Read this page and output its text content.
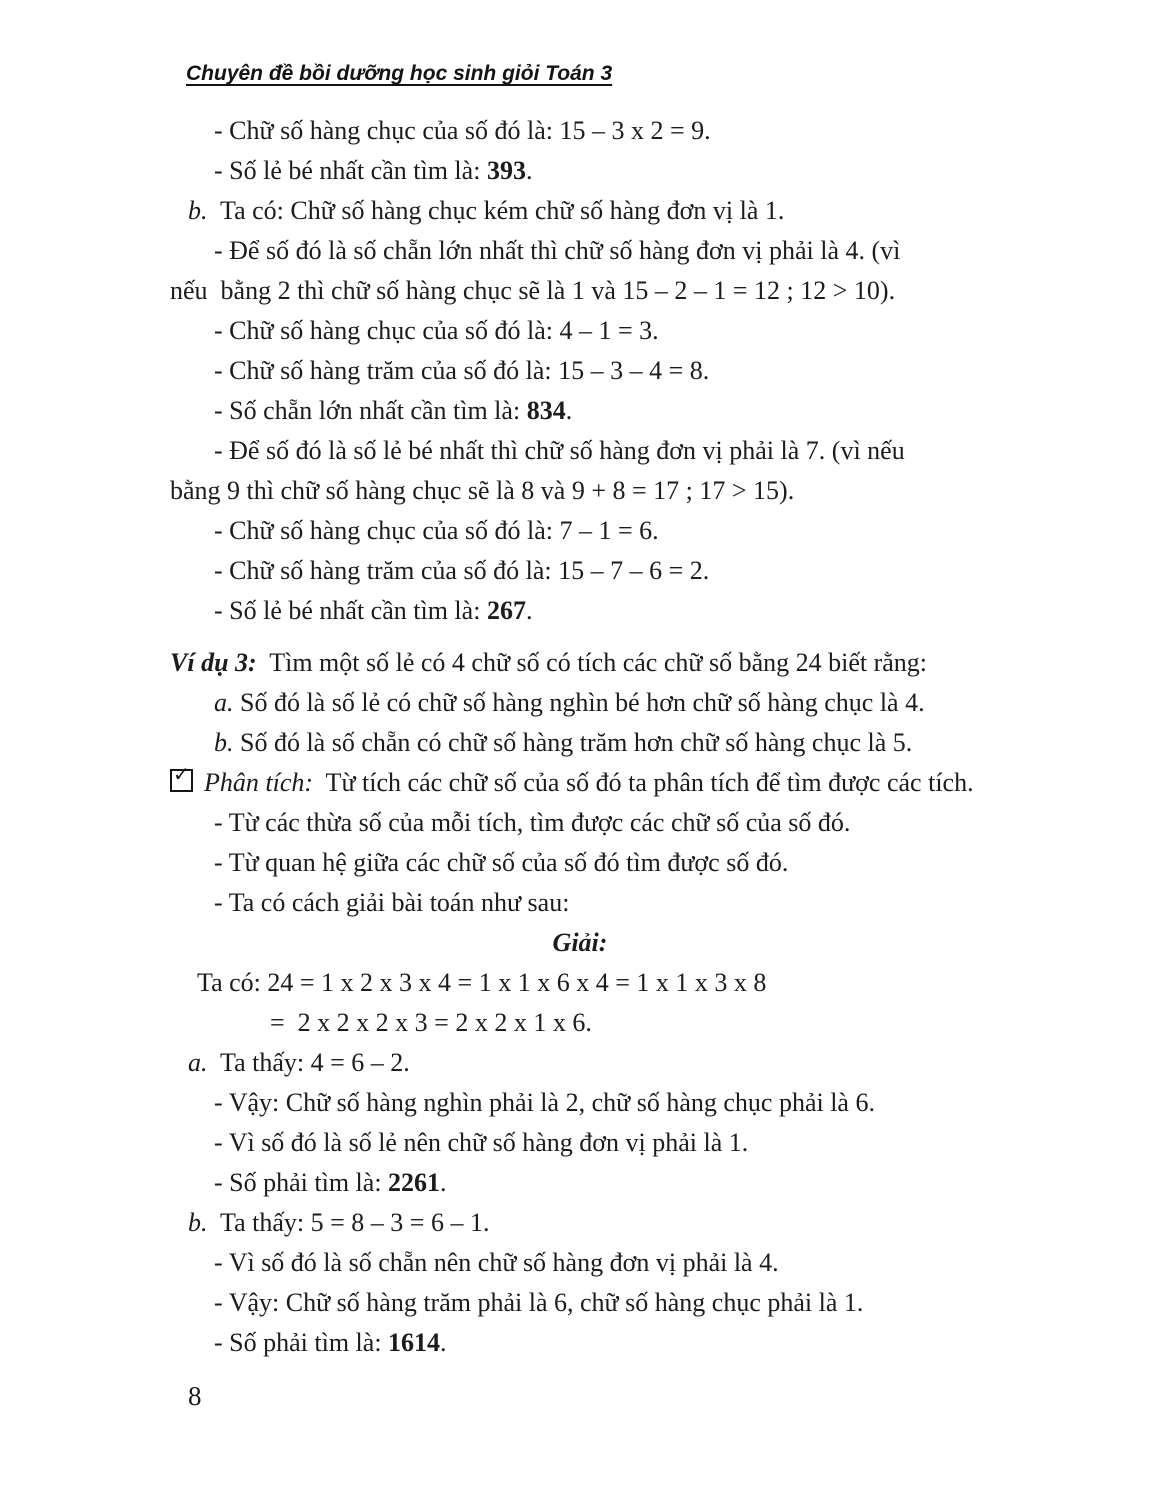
Chuyên đề bồi dưỡng học sinh giỏi Toán 3
- Chữ số hàng chục của số đó là: 15 – 3 x 2 = 9.
- Số lẻ bé nhất cần tìm là: 393.
b.  Ta có: Chữ số hàng chục kém chữ số hàng đơn vị là 1.
- Để số đó là số chẵn lớn nhất thì chữ số hàng đơn vị phải là 4. (vì
nếu  bằng 2 thì chữ số hàng chục sẽ là 1 và 15 – 2 – 1 = 12 ; 12 > 10).
- Chữ số hàng chục của số đó là: 4 – 1 = 3.
- Chữ số hàng trăm của số đó là: 15 – 3 – 4 = 8.
- Số chẵn lớn nhất cần tìm là: 834.
- Để số đó là số lẻ bé nhất thì chữ số hàng đơn vị phải là 7. (vì nếu
bằng 9 thì chữ số hàng chục sẽ là 8 và 9 + 8 = 17 ; 17 > 15).
- Chữ số hàng chục của số đó là: 7 – 1 = 6.
- Chữ số hàng trăm của số đó là: 15 – 7 – 6 = 2.
- Số lẻ bé nhất cần tìm là: 267.
Ví dụ 3:  Tìm một số lẻ có 4 chữ số có tích các chữ số bằng 24 biết rằng:
a. Số đó là số lẻ có chữ số hàng nghìn bé hơn chữ số hàng chục là 4.
b. Số đó là số chẵn có chữ số hàng trăm hơn chữ số hàng chục là 5.
✓ Phân tích:  Từ tích các chữ số của số đó ta phân tích để tìm được các tích.
- Từ các thừa số của mỗi tích, tìm được các chữ số của số đó.
- Từ quan hệ giữa các chữ số của số đó tìm được số đó.
- Ta có cách giải bài toán như sau:
Giải:
Ta có: 24 = 1 x 2 x 3 x 4 = 1 x 1 x 6 x 4 = 1 x 1 x 3 x 8
=  2 x 2 x 2 x 3 = 2 x 2 x 1 x 6.
a.  Ta thấy: 4 = 6 – 2.
- Vậy: Chữ số hàng nghìn phải là 2, chữ số hàng chục phải là 6.
- Vì số đó là số lẻ nên chữ số hàng đơn vị phải là 1.
- Số phải tìm là: 2261.
b.  Ta thấy: 5 = 8 – 3 = 6 – 1.
- Vì số đó là số chẵn nên chữ số hàng đơn vị phải là 4.
- Vậy: Chữ số hàng trăm phải là 6, chữ số hàng chục phải là 1.
- Số phải tìm là: 1614.
8
